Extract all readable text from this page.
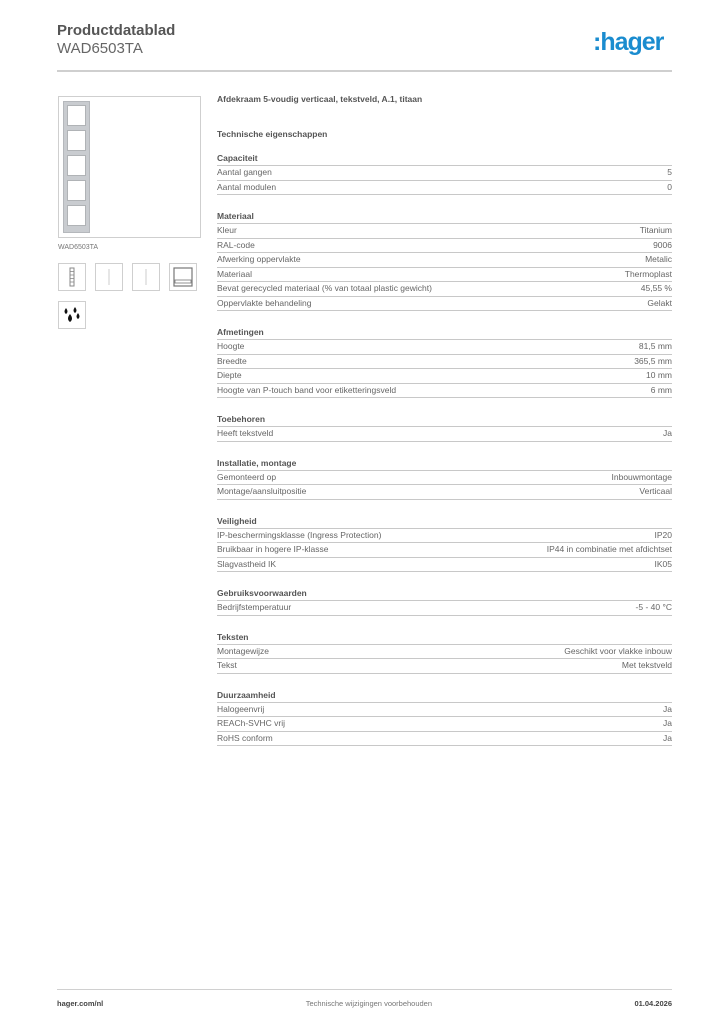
Productdatablad
WAD6503TA	:hager
WAD6503TA
Afdekraam 5-voudig verticaal, tekstveld, A.1, titaan
Technische eigenschappen
Capaciteit
Aantal gangen	5
Aantal modulen	0
Materiaal
Kleur	Titanium
RAL-code	9006
Afwerking oppervlakte	Metalic
Materiaal	Thermoplast
Bevat gerecycled materiaal (% van totaal plastic gewicht)	45,55 %
Oppervlakte behandeling	Gelakt
Afmetingen
Hoogte	81,5 mm
Breedte	365,5 mm
Diepte	10 mm
Hoogte van P-touch band voor etiketteringsveld	6 mm
Toebehoren
Heeft tekstveld	Ja
Installatie, montage
Gemonteerd op	Inbouwmontage
Montage/aansluitpositie	Verticaal
Veiligheid
IP-beschermingsklasse (Ingress Protection)	IP20
Bruikbaar in hogere IP-klasse	IP44 in combinatie met afdichtset
Slagvastheid IK	IK05
Gebruiksvoorwaarden
Bedrijfstemperatuur	-5 - 40 °C
Teksten
Montagewijze	Geschikt voor vlakke inbouw
Tekst	Met tekstveld
Duurzaamheid
Halogeenvrij	Ja
REACh-SVHC vrij	Ja
RoHS conform	Ja
hager.com/nl	Technische wijzigingen voorbehouden	01.04.2026
